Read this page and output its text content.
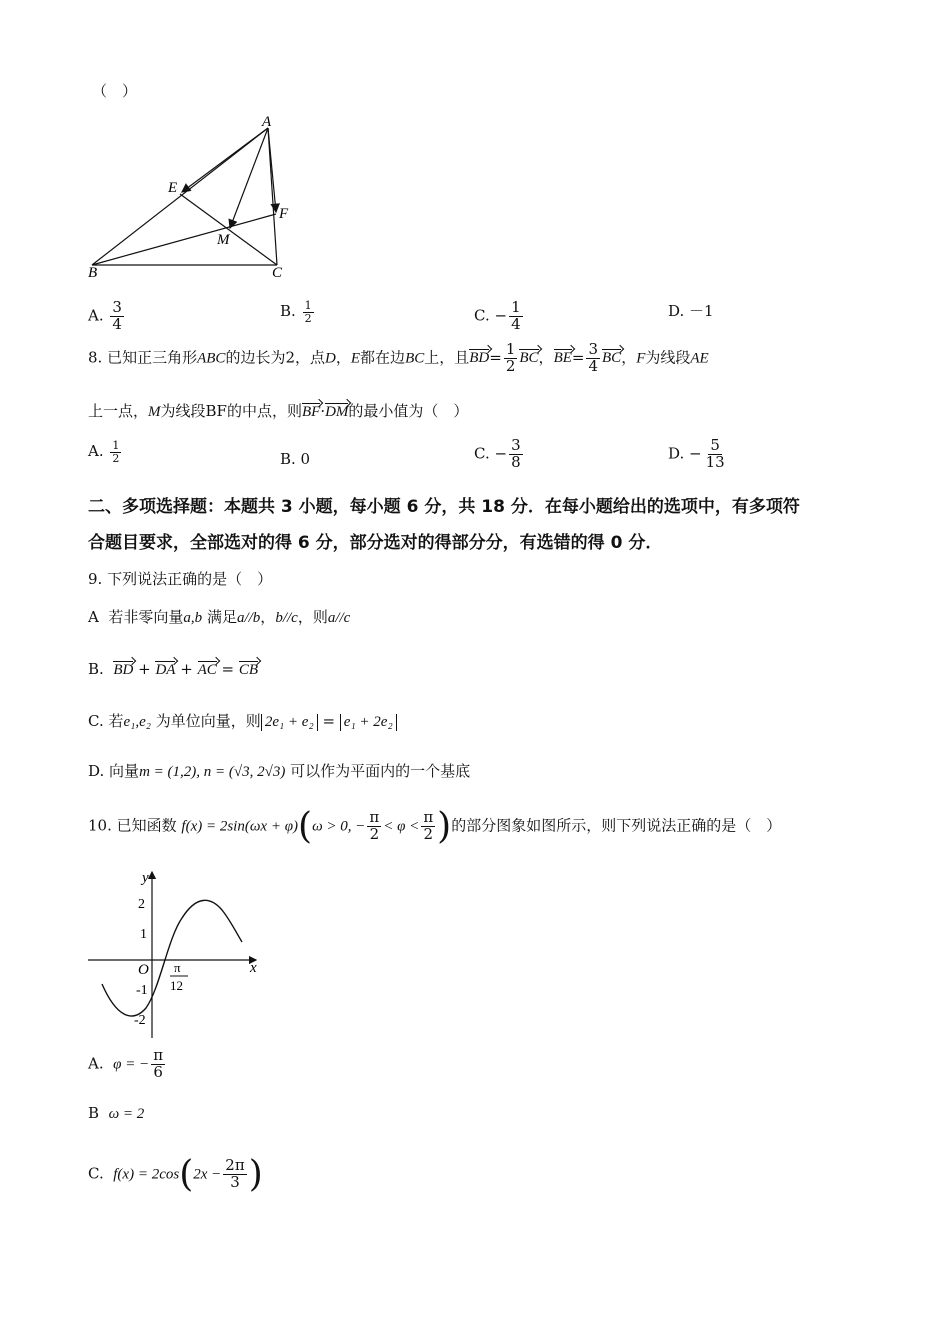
（　）
A
E
F
M
B	C
A. $\frac{3}{4}$	B. $\frac{1}{2}$	C. − $\frac{1}{4}$	D. －1
8. 已知正三角形ABC的边长为2，点D，E都在边BC上，且$BD= \frac{1}{2}$ BC，$BE= \frac{3}{4}$ BC，F为线段AE
上一点，M为线段BF的中点，则BF·DM的最小值为（　）
A. $\frac{1}{2}$	B. 0	C. − $\frac{3}{8}$	D. − $\frac{5}{13}$
二、多项选择题：本题共 3 小题，每小题 6 分，共 18 分．在每小题给出的选项中，有多项符
合题目要求，全部选对的得 6 分，部分选对的得部分分，有选错的得 0 分．
9. 下列说法正确的是（　）
A 若非零向量a,b 满足a//b，b//c，则a//c
B. BD + DA + AC = CB
C. 若e₁,e₂ 为单位向量，则 2e₁ + e₂ = e₁ + 2e₂
D. 向量m = (1,2), n = (√3, 2√3) 可以作为平面内的一个基底
10. 已知函数 f(x) = 2sin(ωx + φ)(ω > 0, − $\frac{\pi}{2} < \varphi < \frac{\pi}{2}$ )的部分图象如图所示，则下列说法正确的是（　）
y
x
O
2
1
-1
-2
π
12
A. φ = − $\frac{\pi}{6}$
B ω = 2
C. $f(x) = 2\cos(2x - \frac{2\pi}{3}$ )
